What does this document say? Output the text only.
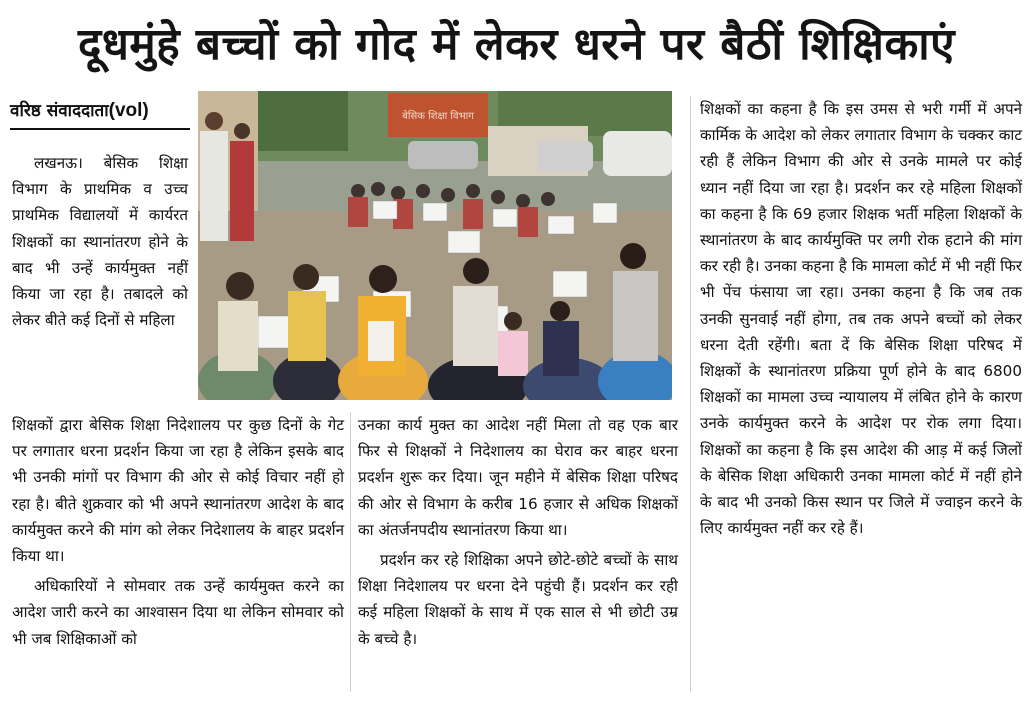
दूधमुंहे बच्चों को गोद में लेकर धरने पर बैठीं शिक्षिकाएं
वरिष्ठ संवाददाता(vol)	बेसिक शिक्षा विभाग

लखनऊ। बेसिक शिक्षा विभाग के प्राथमिक व उच्च प्राथमिक विद्यालयों में कार्यरत शिक्षकों का स्थानांतरण होने के बाद भी उन्हें कार्यमुक्त नहीं किया जा रहा है। तबादले को लेकर बीते कई दिनों से महिला

शिक्षकों द्वारा बेसिक शिक्षा निदेशालय पर कुछ दिनों के गेट पर लगातार धरना प्रदर्शन किया जा रहा है लेकिन इसके बाद भी उनकी मांगों पर विभाग की ओर से कोई विचार नहीं हो रहा है। बीते शुक्रवार को भी अपने स्थानांतरण आदेश के बाद कार्यमुक्त करने की मांग को लेकर निदेशालय के बाहर प्रदर्शन किया था।

अधिकारियों ने सोमवार तक उन्हें कार्यमुक्त करने का आदेश जारी करने का आश्वासन दिया था लेकिन सोमवार को भी जब शिक्षिकाओं को

उनका कार्य मुक्त का आदेश नहीं मिला तो वह एक बार फिर से शिक्षकों ने निदेशालय का घेराव कर बाहर धरना प्रदर्शन शुरू कर दिया। जून महीने में बेसिक शिक्षा परिषद की ओर से विभाग के करीब 16 हजार से अधिक शिक्षकों का अंतर्जनपदीय स्थानांतरण किया था।

प्रदर्शन कर रहे शिक्षिका अपने छोटे-छोटे बच्चों के साथ शिक्षा निदेशालय पर धरना देने पहुंची हैं। प्रदर्शन कर रही कई महिला शिक्षकों के साथ में एक साल से भी छोटी उम्र के बच्चे है।

शिक्षकों का कहना है कि इस उमस से भरी गर्मी में अपने कार्मिक के आदेश को लेकर लगातार विभाग के चक्कर काट रही हैं लेकिन विभाग की ओर से उनके मामले पर कोई ध्यान नहीं दिया जा रहा है। प्रदर्शन कर रहे महिला शिक्षकों का कहना है कि 69 हजार शिक्षक भर्ती महिला शिक्षकों के स्थानांतरण के बाद कार्यमुक्ति पर लगी रोक हटाने की मांग कर रही है। उनका कहना है कि मामला कोर्ट में भी नहीं फिर भी पेंच फंसाया जा रहा। उनका कहना है कि जब तक उनकी सुनवाई नहीं होगा, तब तक अपने बच्चों को लेकर धरना देती रहेंगी। बता दें कि बेसिक शिक्षा परिषद में शिक्षकों के स्थानांतरण प्रक्रिया पूर्ण होने के बाद 6800 शिक्षकों का मामला उच्च न्यायालय में लंबित होने के कारण उनके कार्यमुक्त करने के आदेश पर रोक लगा दिया। शिक्षकों का कहना है कि इस आदेश की आड़ में कई जिलों के बेसिक शिक्षा अधिकारी उनका मामला कोर्ट में नहीं होने के बाद भी उनको किस स्थान पर जिले में ज्वाइन करने के लिए कार्यमुक्त नहीं कर रहे हैं।
